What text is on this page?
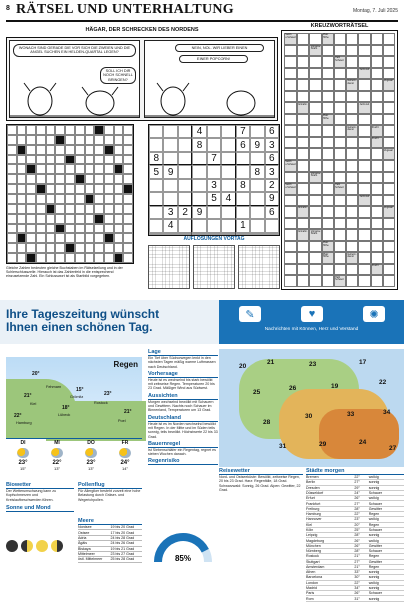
8 RÄTSEL UND UNTERHALTUNG	Montag, 7. Juli 2025
HÄGAR, DER SCHRECKEN DES NORDENS
WONACH SIND GERADE DIE VOR SICH DIE ZWEIEN UND DIE ANGEL SUCHEN EIN HELDEN-QUARTAL LEGEN?
SOLL ICH DIR NOCH SCHNELL BRINGEN?
NEIN, NOL. WIR LIEBER EINEN
EINER POPCORN!
KREUZWORTRÄTSEL
Sekrb u.Schwert
Platz Höhe
Vorname Strahl.
Halb Schwert
Jetzt-zeit
Geheim-dienst
Zugsaal
Ermahn.	Jetzt-zeit
Platz Höhe
Geheim-dienst
Frucht
Frucht
Zugsaal
Sekrb u.Schwert
Vorname Strahl.
Sekrb u.Schwert
Halb Schwert
Jetzt-zeit
Ermahn.	Zugsaal
Ermahn.	Vorname Strahl.
Platz Höhe
Platz Höhe
Geheim-dienst
Frucht
Halb Schwert
Gleiche Zahlen bedeuten gleiche Buchstaben im Rätselzeilung und in der Schlerschlusszelle. Hierauch ist das Zahlenfeld in die entsprechend einzusetzende Zahl. Ein Schlusswort ist als Startbild vorgegeben.
4	7	6
8	6 9 3
8	7	6
5 9	8 3
3	8	2
5 4	9
3 2 9	6
4	1
AUFLÖSUNGEN VORTAG
Ihre Tageszeitung wünscht
Ihnen einen schönen Tag.
✎	♥	✺
Nachrichten mit Können, Herz und Verstand
Regen
Fehmarn
Kiel
Hamburg
Lübeck
Rostock
Poel
Grömitz
20°
21°
22°
18°
23°
21°
15°
DI
23°
15°
MI
22°
13°
DO
23°
13°
FR
24°
14°
Biowetter
Der Wetterumschwung kann zu Kopfschmerzen und Kreislaufbeschwerden führen.
Sonne und Mond
Pollenflug
Für Allergiker besteht zurzeit eine hohe Belastung durch Gräser- und Wegerichpollen.
Meere
Nordsee	19 bis 20 Grad
Ostsee	17 bis 20 Grad
Adria	24 bis 28 Grad
Ägäis	24 bis 26 Grad
Biskaya	19 bis 21 Grad
Mittelmeer	23 bis 27 Grad
östl. Mittelmeer	25 bis 28 Grad
Lage
Ein Tief über Südnorwegen lenkt in den nächsten Tagen mäßig warme Luftmassen nach Deutschland.
Vorhersage
Heute ist es wechselnd bis stark bewölkt mit zeitweise Regen. Temperaturen 20 bis 23 Grad. Mäßiger Wind aus Südwest.
Aussichten
Morgen wechselnd bewölkt mit Schauern und Gewittern. Nachts noch Schauer im Binnenland, Temperaturen um 13 Grad.
Deutschland
Heute ist es im Norden wechselnd bewölkt mit Regen. In der Mitte und im Süden teils sonnig, teils bewölkt. Höchstwerte 22 bis 33 Grad.
Bauernregel
Ist Siebenschläfer ein Regentag, regnet es sieben Wochen danach.
Regenrisiko
85%
20
21	23	17
25
26	19
22
28
30	33	34
31	29	24
27
Reisewetter
Nord- und Ostseeküste: Bewölkt, zeitweise Regen, 20 bis 23 Grad. Harz: Regenfälle, 18 Grad. Schwarzwald: Sonnig, 26 Grad. Alpen: Gewitter, 22 Grad.
Städte morgen
Bremen	22°	wolkig
Berlin	27°	sonnig
Dresden	29°	sonnig
Düsseldorf	24°	Schauer
Erfurt	26°	wolkig
Frankfurt	27°	Schauer
Freiburg	28°	Gewitter
Hamburg	22°	Regen
Hannover	23°	wolkig
Kiel	20°	Regen
Köln	25°	Schauer
Leipzig	28°	sonnig
Magdeburg	26°	wolkig
München	26°	Gewitter
Nürnberg	28°	Schauer
Rostock	21°	Regen
Stuttgart	27°	Gewitter
Amsterdam	21°	Regen
Athen	33°	sonnig
Barcelona	30°	sonnig
London	22°	wolkig
Madrid	34°	sonnig
Paris	26°	Schauer
Rom	31°	sonnig
